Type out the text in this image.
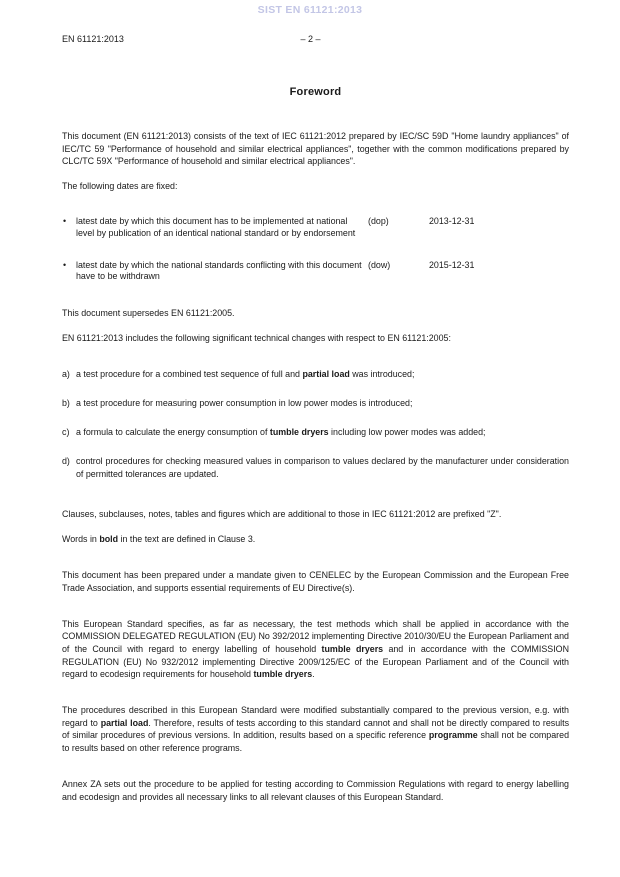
SIST EN 61121:2013
EN 61121:2013	– 2 –
Foreword

This document (EN 61121:2013) consists of the text of IEC 61121:2012 prepared by IEC/SC 59D "Home laundry appliances" of IEC/TC 59 "Performance of household and similar electrical appliances", together with the common modifications prepared by CLC/TC 59X "Performance of household and similar electrical appliances".

The following dates are fixed:

• latest date by which this document has to be implemented at national level by publication of an identical national standard or by endorsement
(dop)	2013-12-31
• latest date by which the national standards conflicting with this document have to be withdrawn
(dow)	2015-12-31

This document supersedes EN 61121:2005.

EN 61121:2013 includes the following significant technical changes with respect to EN 61121:2005:

a) a test procedure for a combined test sequence of full and partial load was introduced;
b) a test procedure for measuring power consumption in low power modes is introduced;
c) a formula to calculate the energy consumption of tumble dryers including low power modes was added;
d) control procedures for checking measured values in comparison to values declared by the manufacturer under consideration of permitted tolerances are updated.

Clauses, subclauses, notes, tables and figures which are additional to those in IEC 61121:2012 are prefixed "Z".

Words in bold in the text are defined in Clause 3.

This document has been prepared under a mandate given to CENELEC by the European Commission and the European Free Trade Association, and supports essential requirements of EU Directive(s).

This European Standard specifies, as far as necessary, the test methods which shall be applied in accordance with the COMMISSION DELEGATED REGULATION (EU) No 392/2012 implementing Directive 2010/30/EU the European Parliament and of the Council with regard to energy labelling of household tumble dryers and in accordance with the COMMISSION REGULATION (EU) No 932/2012 implementing Directive 2009/125/EC of the European Parliament and of the Council with regard to ecodesign requirements for household tumble dryers.

The procedures described in this European Standard were modified substantially compared to the previous version, e.g. with regard to partial load. Therefore, results of tests according to this standard cannot and shall not be directly compared to results of similar procedures of previous versions. In addition, results based on a specific reference programme shall not be compared to results based on other reference programs.

Annex ZA sets out the procedure to be applied for testing according to Commission Regulations with regard to energy labelling and ecodesign and provides all necessary links to all relevant clauses of this European Standard.
